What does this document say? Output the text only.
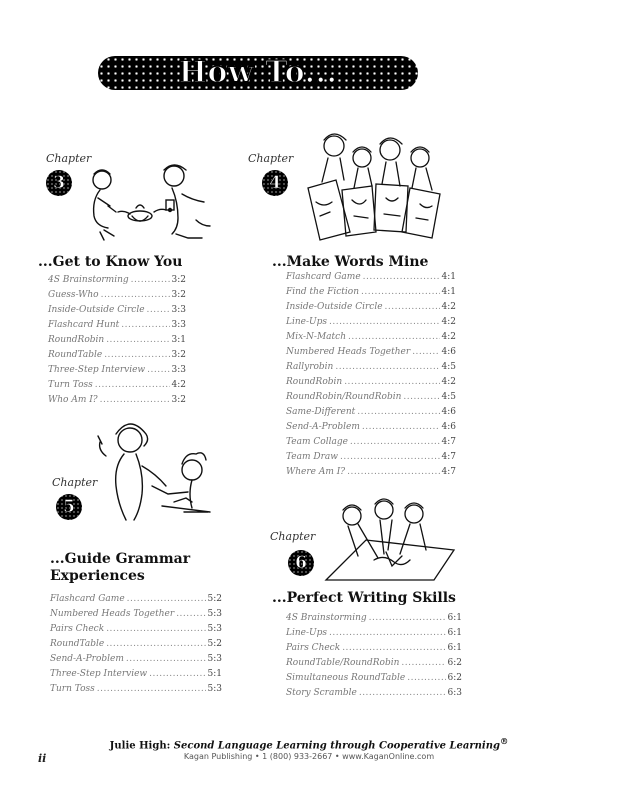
How To...
Chapter
3
...Get to Know You
4S Brainstorming .....	3:2
Guess-Who .....	3:2
Inside-Outside Circle .....	3:3
Flashcard Hunt .....	3:3
RoundRobin .....	3:1
RoundTable .....	3:2
Three-Step Interview .....	3:3
Turn Toss .....	4:2
Who Am I? .....	3:2
Chapter
4
...Make Words Mine
Flashcard Game .....	4:1
Find the Fiction .....	4:1
Inside-Outside Circle .....	4:2
Line-Ups .....	4:2
Mix-N-Match .....	4:2
Numbered Heads Together .....	4:6
Rallyrobin .....	4:5
RoundRobin .....	4:2
RoundRobin/RoundRobin .....	4:5
Same-Different .....	4:6
Send-A-Problem .....	4:6
Team Collage .....	4:7
Team Draw .....	4:7
Where Am I? .....	4:7
Chapter
5
...Guide Grammar Experiences
Flashcard Game .....	5:2
Numbered Heads Together .....	5:3
Pairs Check .....	5:3
RoundTable .....	5:2
Send-A-Problem .....	5:3
Three-Step Interview .....	5:1
Turn Toss .....	5:3
Chapter
6
...Perfect Writing Skills
4S Brainstorming .....	6:1
Line-Ups .....	6:1
Pairs Check .....	6:1
RoundTable/RoundRobin .....	6:2
Simultaneous RoundTable .....	6:2
Story Scramble .....	6:3
Julie High: Second Language Learning through Cooperative Learning®
Kagan Publishing • 1 (800) 933-2667 • www.KaganOnline.com
ii
